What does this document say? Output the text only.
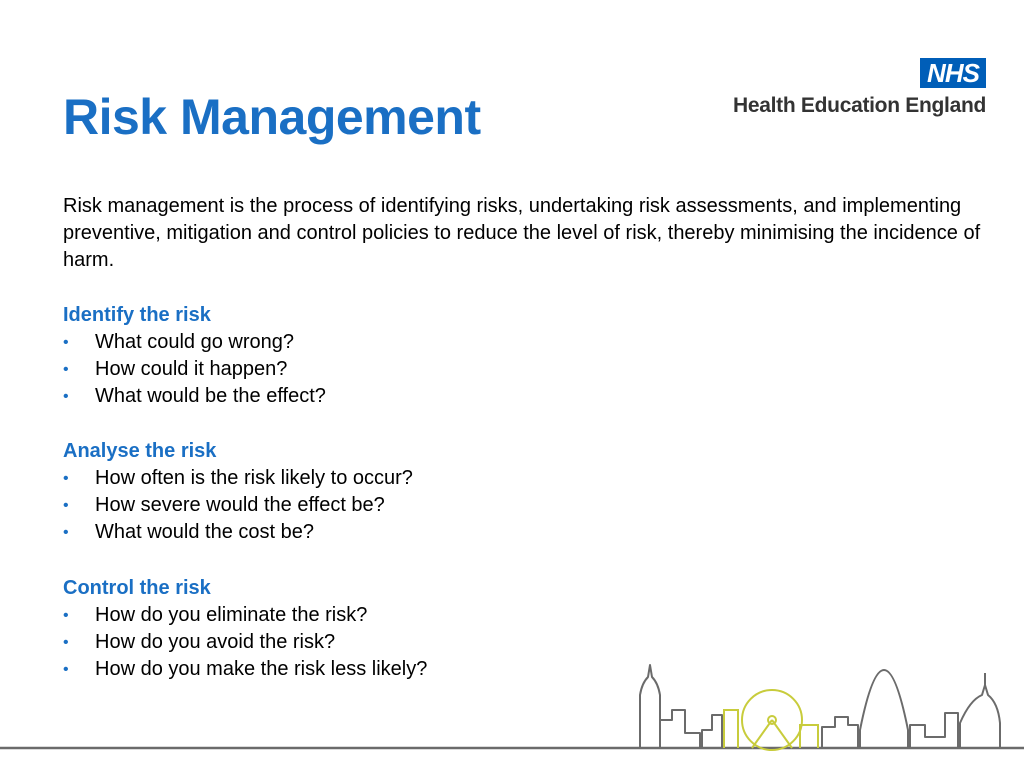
Risk Management
NHS
Health Education England

Risk management is the process of identifying risks, undertaking risk assessments, and implementing preventive, mitigation and control policies to reduce the level of risk, thereby minimising the incidence of harm.

Identify the risk

• What could go wrong?
• How could it happen?
• What would be the effect?

Analyse the risk

• How often is the risk likely to occur?
• How severe would the effect be?
• What would the cost be?

Control the risk

• How do you eliminate the risk?
• How do you avoid the risk?
• How do you make the risk less likely?
